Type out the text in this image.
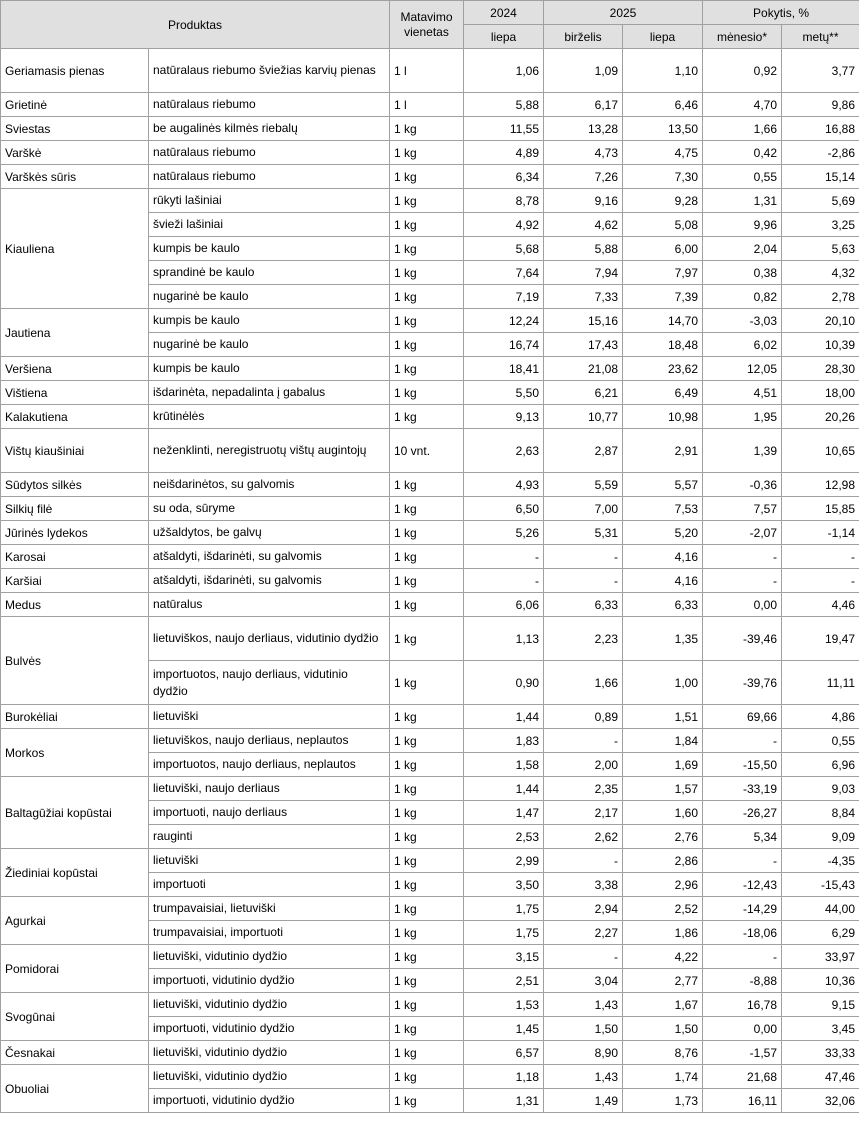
Produktas		Matavimo vienetas	2024	2025		Pokytis, %	
			liepa	birželis	liepa	mėnesio*	metų**
Geriamasis pienas	natūralaus riebumo šviežias karvių pienas	1 l	1,06	1,09	1,10	0,92	3,77
Grietinė	natūralaus riebumo	1 l	5,88	6,17	6,46	4,70	9,86
Sviestas	be augalinės kilmės riebalų	1 kg	11,55	13,28	13,50	1,66	16,88
Varškė	natūralaus riebumo	1 kg	4,89	4,73	4,75	0,42	-2,86
Varškės sūris	natūralaus riebumo	1 kg	6,34	7,26	7,30	0,55	15,14
Kiauliena	rūkyti lašiniai	1 kg	8,78	9,16	9,28	1,31	5,69
	švieži lašiniai	1 kg	4,92	4,62	5,08	9,96	3,25
	kumpis be kaulo	1 kg	5,68	5,88	6,00	2,04	5,63
	sprandinė be kaulo	1 kg	7,64	7,94	7,97	0,38	4,32
	nugarinė be kaulo	1 kg	7,19	7,33	7,39	0,82	2,78
Jautiena	kumpis be kaulo	1 kg	12,24	15,16	14,70	-3,03	20,10
	nugarinė be kaulo	1 kg	16,74	17,43	18,48	6,02	10,39
Veršiena	kumpis be kaulo	1 kg	18,41	21,08	23,62	12,05	28,30
Vištiena	išdarinėta, nepadalinta į gabalus	1 kg	5,50	6,21	6,49	4,51	18,00
Kalakutiena	krūtinėlės	1 kg	9,13	10,77	10,98	1,95	20,26
Vištų kiaušiniai	neženklinti, neregistruotų vištų augintojų	10 vnt.	2,63	2,87	2,91	1,39	10,65
Sūdytos silkės	neišdarinėtos, su galvomis	1 kg	4,93	5,59	5,57	-0,36	12,98
Silkių filė	su oda, sūryme	1 kg	6,50	7,00	7,53	7,57	15,85
Jūrinės lydekos	užšaldytos, be galvų	1 kg	5,26	5,31	5,20	-2,07	-1,14
Karosai	atšaldyti, išdarinėti, su galvomis	1 kg	-	-	4,16	-	-
Karšiai	atšaldyti, išdarinėti, su galvomis	1 kg	-	-	4,16	-	-
Medus	natūralus	1 kg	6,06	6,33	6,33	0,00	4,46
Bulvės	lietuviškos, naujo derliaus, vidutinio dydžio	1 kg	1,13	2,23	1,35	-39,46	19,47
	importuotos, naujo derliaus, vidutinio dydžio	1 kg	0,90	1,66	1,00	-39,76	11,11
Burokėliai	lietuviški	1 kg	1,44	0,89	1,51	69,66	4,86
Morkos	lietuviškos, naujo derliaus, neplautos	1 kg	1,83	-	1,84	-	0,55
	importuotos, naujo derliaus, neplautos	1 kg	1,58	2,00	1,69	-15,50	6,96
Baltagūžiai kopūstai	lietuviški, naujo derliaus	1 kg	1,44	2,35	1,57	-33,19	9,03
	importuoti, naujo derliaus	1 kg	1,47	2,17	1,60	-26,27	8,84
	rauginti	1 kg	2,53	2,62	2,76	5,34	9,09
Žiediniai kopūstai	lietuviški	1 kg	2,99	-	2,86	-	-4,35
	importuoti	1 kg	3,50	3,38	2,96	-12,43	-15,43
Agurkai	trumpavaisiai, lietuviški	1 kg	1,75	2,94	2,52	-14,29	44,00
	trumpavaisiai, importuoti	1 kg	1,75	2,27	1,86	-18,06	6,29
Pomidorai	lietuviški, vidutinio dydžio	1 kg	3,15	-	4,22	-	33,97
	importuoti, vidutinio dydžio	1 kg	2,51	3,04	2,77	-8,88	10,36
Svogūnai	lietuviški, vidutinio dydžio	1 kg	1,53	1,43	1,67	16,78	9,15
	importuoti, vidutinio dydžio	1 kg	1,45	1,50	1,50	0,00	3,45
Česnakai	lietuviški, vidutinio dydžio	1 kg	6,57	8,90	8,76	-1,57	33,33
Obuoliai	lietuviški, vidutinio dydžio	1 kg	1,18	1,43	1,74	21,68	47,46
	importuoti, vidutinio dydžio	1 kg	1,31	1,49	1,73	16,11	32,06
